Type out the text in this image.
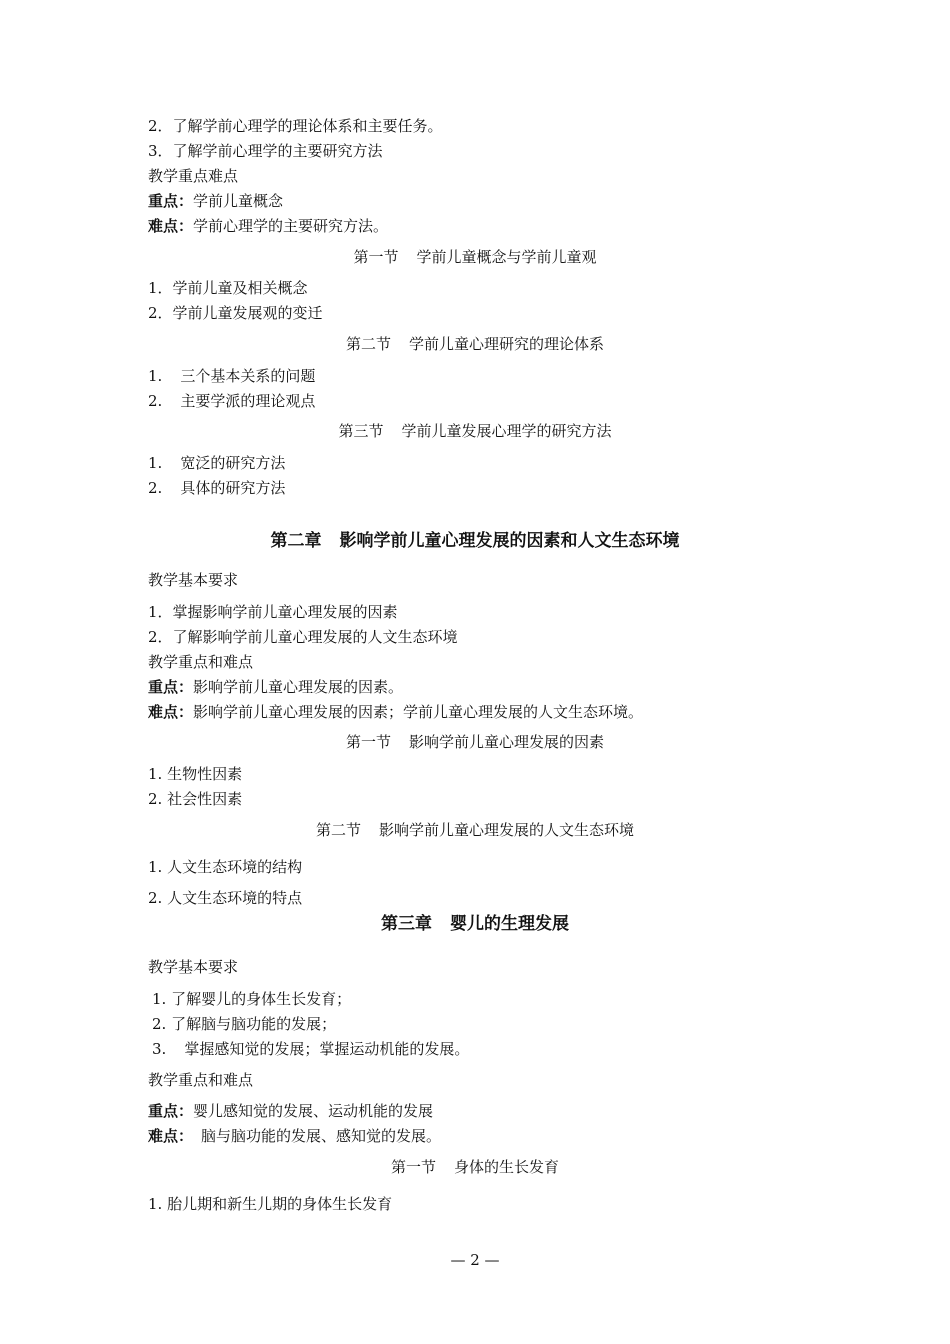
2．了解学前心理学的理论体系和主要任务。
3．了解学前心理学的主要研究方法
教学重点难点
重点：学前儿童概念
难点：学前心理学的主要研究方法。
第一节 学前儿童概念与学前儿童观
1．学前儿童及相关概念
2．学前儿童发展观的变迁
第二节 学前儿童心理研究的理论体系
1. 三个基本关系的问题
2. 主要学派的理论观点
第三节 学前儿童发展心理学的研究方法
1. 宽泛的研究方法
2. 具体的研究方法
第二章 影响学前儿童心理发展的因素和人文生态环境
教学基本要求
1．掌握影响学前儿童心理发展的因素
2．了解影响学前儿童心理发展的人文生态环境
教学重点和难点
重点：影响学前儿童心理发展的因素。
难点：影响学前儿童心理发展的因素；学前儿童心理发展的人文生态环境。
第一节 影响学前儿童心理发展的因素
1. 生物性因素
2. 社会性因素
第二节 影响学前儿童心理发展的人文生态环境
1. 人文生态环境的结构
2. 人文生态环境的特点
第三章 婴儿的生理发展
教学基本要求
1. 了解婴儿的身体生长发育；
2. 了解脑与脑功能的发展；
3. 掌握感知觉的发展；掌握运动机能的发展。
教学重点和难点
重点：婴儿感知觉的发展、运动机能的发展
难点： 脑与脑功能的发展、感知觉的发展。
第一节 身体的生长发育
1. 胎儿期和新生儿期的身体生长发育
— 2 —
